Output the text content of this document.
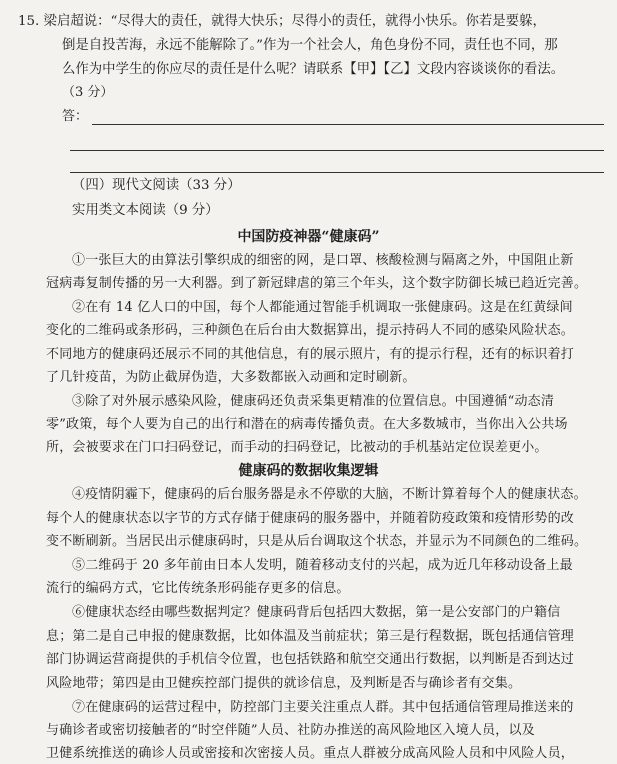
15. 梁启超说：“尽得大的责任，就得大快乐；尽得小的责任，就得小快乐。你若是要躲，
倒是自投苦海，永远不能解除了。”作为一个社会人，角色身份不同，责任也不同，那
么作为中学生的你应尽的责任是什么呢？请联系【甲】【乙】文段内容谈谈你的看法。
（3 分）
答：
（四）现代文阅读（33 分）
实用类文本阅读（9 分）
中国防疫神器“健康码”
①一张巨大的由算法引擎织成的细密的网，是口罩、核酸检测与隔离之外，中国阻止新
冠病毒复制传播的另一大利器。到了新冠肆虐的第三个年头，这个数字防御长城已趋近完善。
②在有 14 亿人口的中国，每个人都能通过智能手机调取一张健康码。这是在红黄绿间
变化的二维码或条形码，三种颜色在后台由大数据算出，提示持码人不同的感染风险状态。
不同地方的健康码还展示不同的其他信息，有的展示照片，有的提示行程，还有的标识着打
了几针疫苗，为防止截屏伪造，大多数都嵌入动画和定时刷新。
③除了对外展示感染风险，健康码还负责采集更精准的位置信息。中国遵循“动态清
零”政策，每个人要为自己的出行和潜在的病毒传播负责。在大多数城市，当你出入公共场
所，会被要求在门口扫码登记，而手动的扫码登记，比被动的手机基站定位误差更小。
健康码的数据收集逻辑
④疫情阴霾下，健康码的后台服务器是永不停歇的大脑，不断计算着每个人的健康状态。
每个人的健康状态以字节的方式存储于健康码的服务器中，并随着防疫政策和疫情形势的改
变不断刷新。当居民出示健康码时，只是从后台调取这个状态，并显示为不同颜色的二维码。
⑤二维码于 20 多年前由日本人发明，随着移动支付的兴起，成为近几年移动设备上最
流行的编码方式，它比传统条形码能存更多的信息。
⑥健康状态经由哪些数据判定？健康码背后包括四大数据，第一是公安部门的户籍信
息；第二是自己申报的健康数据，比如体温及当前症状；第三是行程数据，既包括通信管理
部门协调运营商提供的手机信令位置，也包括铁路和航空交通出行数据，以判断是否到达过
风险地带；第四是由卫健疾控部门提供的就诊信息，及判断是否与确诊者有交集。
⑦在健康码的运营过程中，防控部门主要关注重点人群。其中包括通信管理局推送来的
与确诊者或密切接触者的“时空伴随”人员、社防办推送的高风险地区入境人员，以及
卫健系统推送的确诊人员或密接和次密接人员。重点人群被分成高风险人员和中风险人员，
